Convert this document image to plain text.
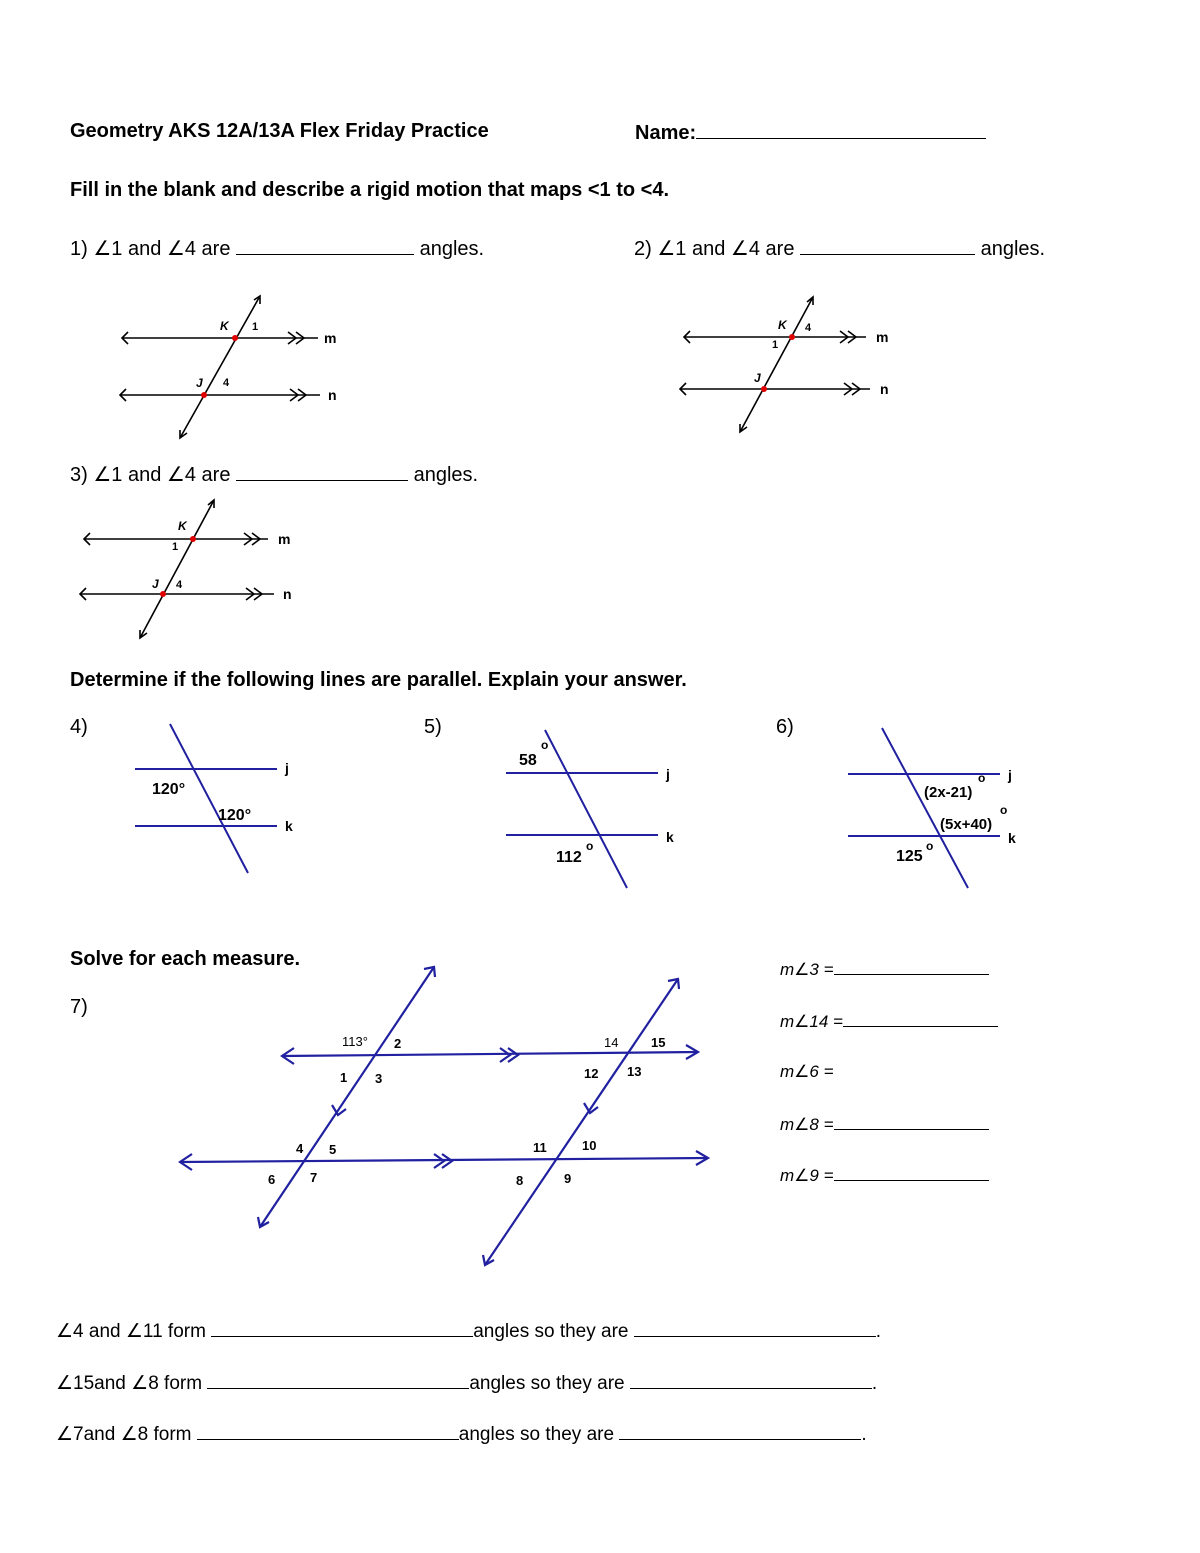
Geometry AKS 12A/13A Flex Friday Practice	Name:
Fill in the blank and describe a rigid motion that maps <1 to <4.
1) ∠1 and ∠4 are	angles.	2) ∠1 and ∠4 are	angles.
K 1
J 4
m
n
K 4
1
J
m
n
3) ∠1 and ∠4 are	angles.
K
1
J 4
m
n
Determine if the following lines are parallel. Explain your answer.
4)	5)	6)
120°
120°
j
k
58
o
112
o
j
k
(2x-21)
o
(5x+40)
o
125
o
j
k
Solve for each measure.
7)
113° 2
1 3
4 5
6	7
14	15
12 13
11	10
8	9
m∠3 =
m∠14 =
m∠6 =
m∠8 =
m∠9 =
∠4 and ∠11 form	angles so they are	.
∠15and ∠8 form	angles so they are	.
∠7and ∠8 form	angles so they are	.
